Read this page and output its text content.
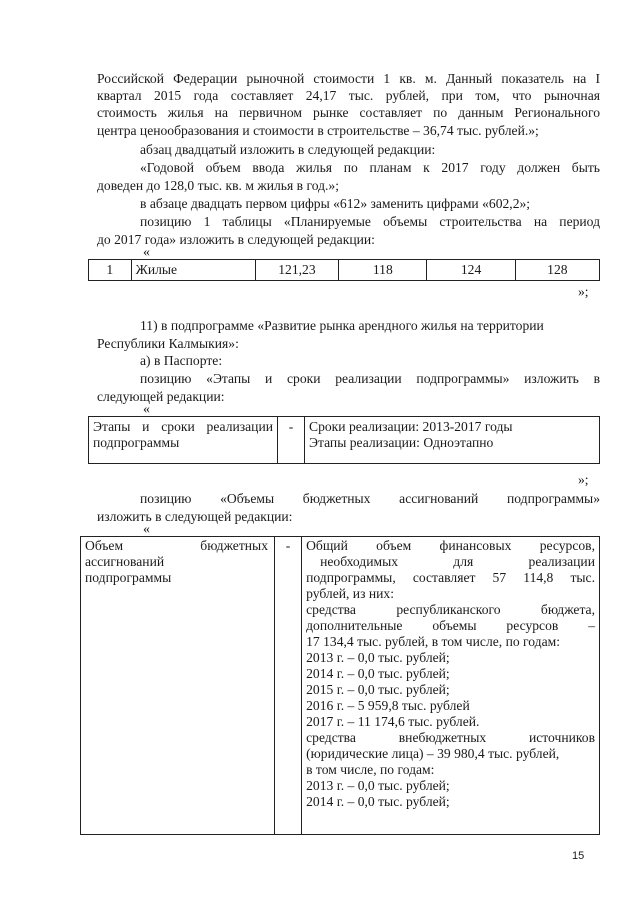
Российской Федерации рыночной стоимости 1 кв. м. Данный показатель на I
квартал 2015 года составляет 24,17 тыс. рублей, при том, что рыночная
стоимость жилья на первичном рынке составляет по данным Регионального
центра ценообразования и стоимости в строительстве – 36,74 тыс. рублей.»;
абзац двадцатый изложить в следующей редакции:
«Годовой объем ввода жилья по планам к 2017 году должен быть
доведен до 128,0 тыс. кв. м жилья в год.»;
в абзаце двадцать первом цифры «612» заменить цифрами «602,2»;
позицию 1 таблицы «Планируемые объемы строительства на период
до 2017 года» изложить в следующей редакции:
«
1	Жилые	121,23	118	124	128
»;
11) в подпрограмме «Развитие рынка арендного жилья на территории
Республики Калмыкия»:
а) в Паспорте:
позицию «Этапы и сроки реализации подпрограммы» изложить в
следующей редакции:
«
Этапы и сроки реализации
подпрограммы
	-	Сроки реализации: 2013-2017 годы
Этапы реализации: Одноэтапно
»;
позицию «Объемы бюджетных ассигнований подпрограммы»
изложить в следующей редакции:
«
Объем бюджетных
ассигнований
подпрограммы
	-	Общий объем финансовых ресурсов,
необходимых для реализации
подпрограммы, составляет 57 114,8 тыс.
рублей, из них:
средства республиканского бюджета,
дополнительные объемы ресурсов –
17 134,4 тыс. рублей, в том числе, по годам:
2013 г. – 0,0 тыс. рублей;
2014 г. – 0,0 тыс. рублей;
2015 г. – 0,0 тыс. рублей;
2016 г. – 5 959,8 тыс. рублей
2017 г. – 11 174,6 тыс. рублей.
средства внебюджетных источников
(юридические лица) – 39 980,4 тыс. рублей,
в том числе, по годам:
2013 г. – 0,0 тыс. рублей;
2014 г. – 0,0 тыс. рублей;
15
